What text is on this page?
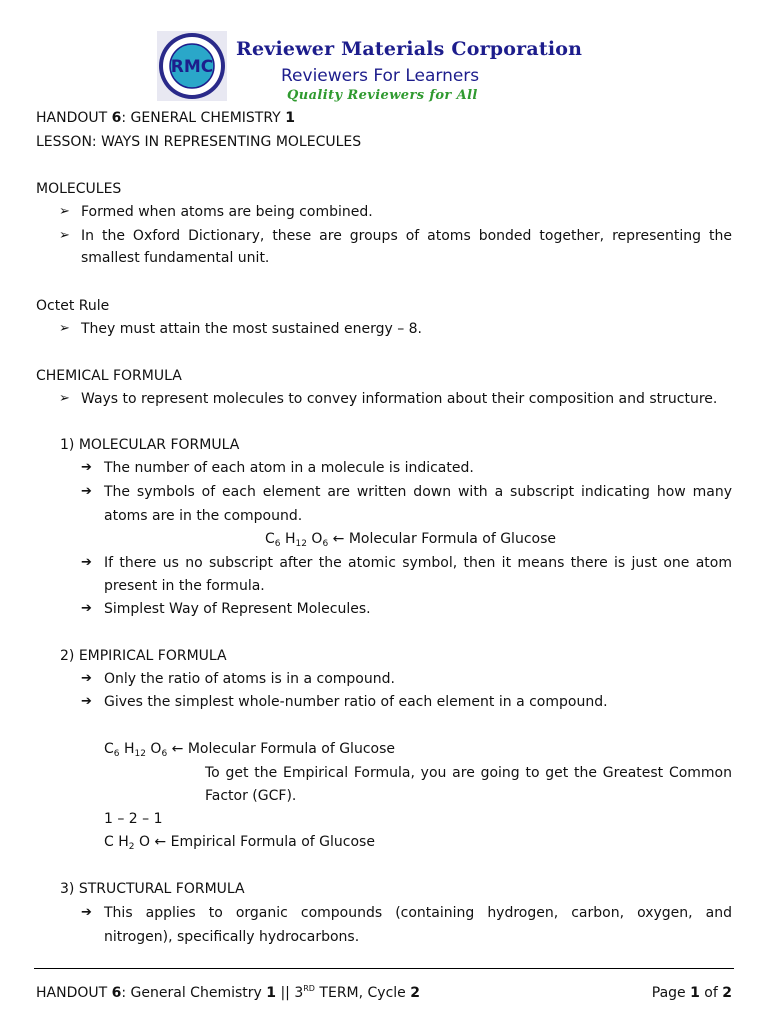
RMC
Reviewer Materials Corporation
Reviewers For Learners
Quality Reviewers for All
HANDOUT 6: GENERAL CHEMISTRY 1
LESSON: WAYS IN REPRESENTING MOLECULES
MOLECULES
➢ Formed when atoms are being combined.
➢ In the Oxford Dictionary, these are groups of atoms bonded together, representing the
smallest fundamental unit.
Octet Rule
➢ They must attain the most sustained energy – 8.
CHEMICAL FORMULA
➢ Ways to represent molecules to convey information about their composition and structure.
1) MOLECULAR FORMULA
➔ The number of each atom in a molecule is indicated.
➔ The symbols of each element are written down with a subscript indicating how many
atoms are in the compound.
$C_6$ $H_{12}$ $O_6$ ← Molecular Formula of Glucose
➔ If there us no subscript after the atomic symbol, then it means there is just one atom
present in the formula.
➔ Simplest Way of Represent Molecules.
2) EMPIRICAL FORMULA
➔ Only the ratio of atoms is in a compound.
➔ Gives the simplest whole-number ratio of each element in a compound.
$C_6$ $H_{12}$ $O_6$ ← Molecular Formula of Glucose
To get the Empirical Formula, you are going to get the Greatest Common
Factor (GCF).
1 – 2 – 1
C $H_2$ O ← Empirical Formula of Glucose
3) STRUCTURAL FORMULA
➔ This applies to organic compounds (containing hydrogen, carbon, oxygen, and
nitrogen), specifically hydrocarbons.
HANDOUT 6: General Chemistry 1 || 3RD TERM, Cycle 2	Page 1 of 2
